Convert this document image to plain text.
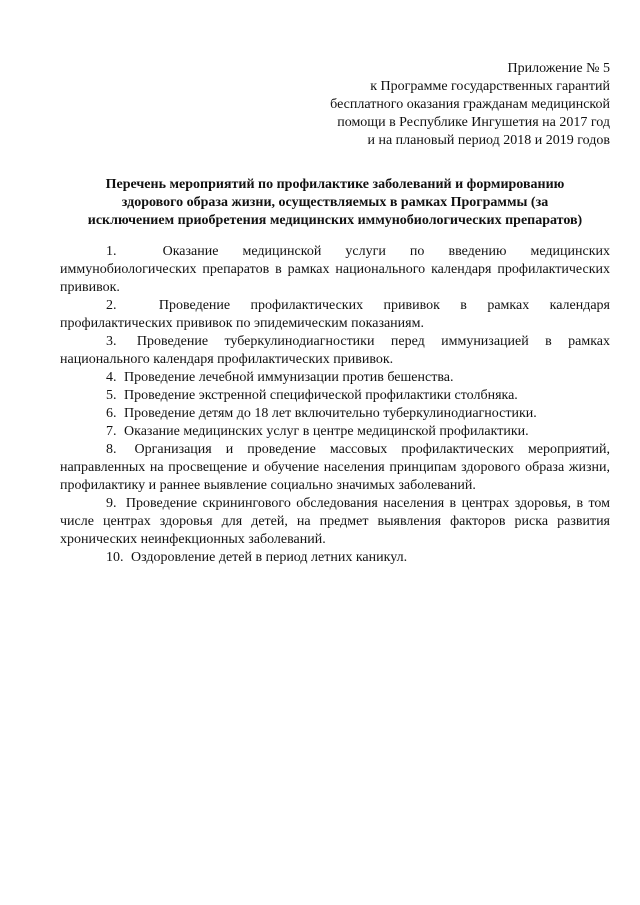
Приложение № 5
к Программе государственных гарантий
бесплатного оказания гражданам медицинской
помощи в Республике Ингушетия на 2017 год
и на плановый период 2018 и 2019 годов
Перечень мероприятий по профилактике заболеваний и формированию
здорового образа жизни, осуществляемых в рамках Программы (за
исключением приобретения медицинских иммунобиологических препаратов)

1.	Оказание медицинской услуги по введению медицинских иммунобиологических препаратов в рамках национального календаря профилактических прививок.

2.	Проведение профилактических прививок в рамках календаря профилактических прививок по эпидемическим показаниям.

3. Проведение туберкулинодиагностики перед иммунизацией в рамках национального календаря профилактических прививок.

4. Проведение лечебной иммунизации против бешенства.

5. Проведение экстренной специфической профилактики столбняка.

6. Проведение детям до 18 лет включительно туберкулинодиагностики.

7. Оказание медицинских услуг в центре медицинской профилактики.

8. Организация и проведение массовых профилактических мероприятий, направленных на просвещение и обучение населения принципам здорового образа жизни, профилактику и раннее выявление социально значимых заболеваний.

9. Проведение скринингового обследования населения в центрах здоровья, в том числе центрах здоровья для детей, на предмет выявления факторов риска развития хронических неинфекционных заболеваний.

10. Оздоровление детей в период летних каникул.
